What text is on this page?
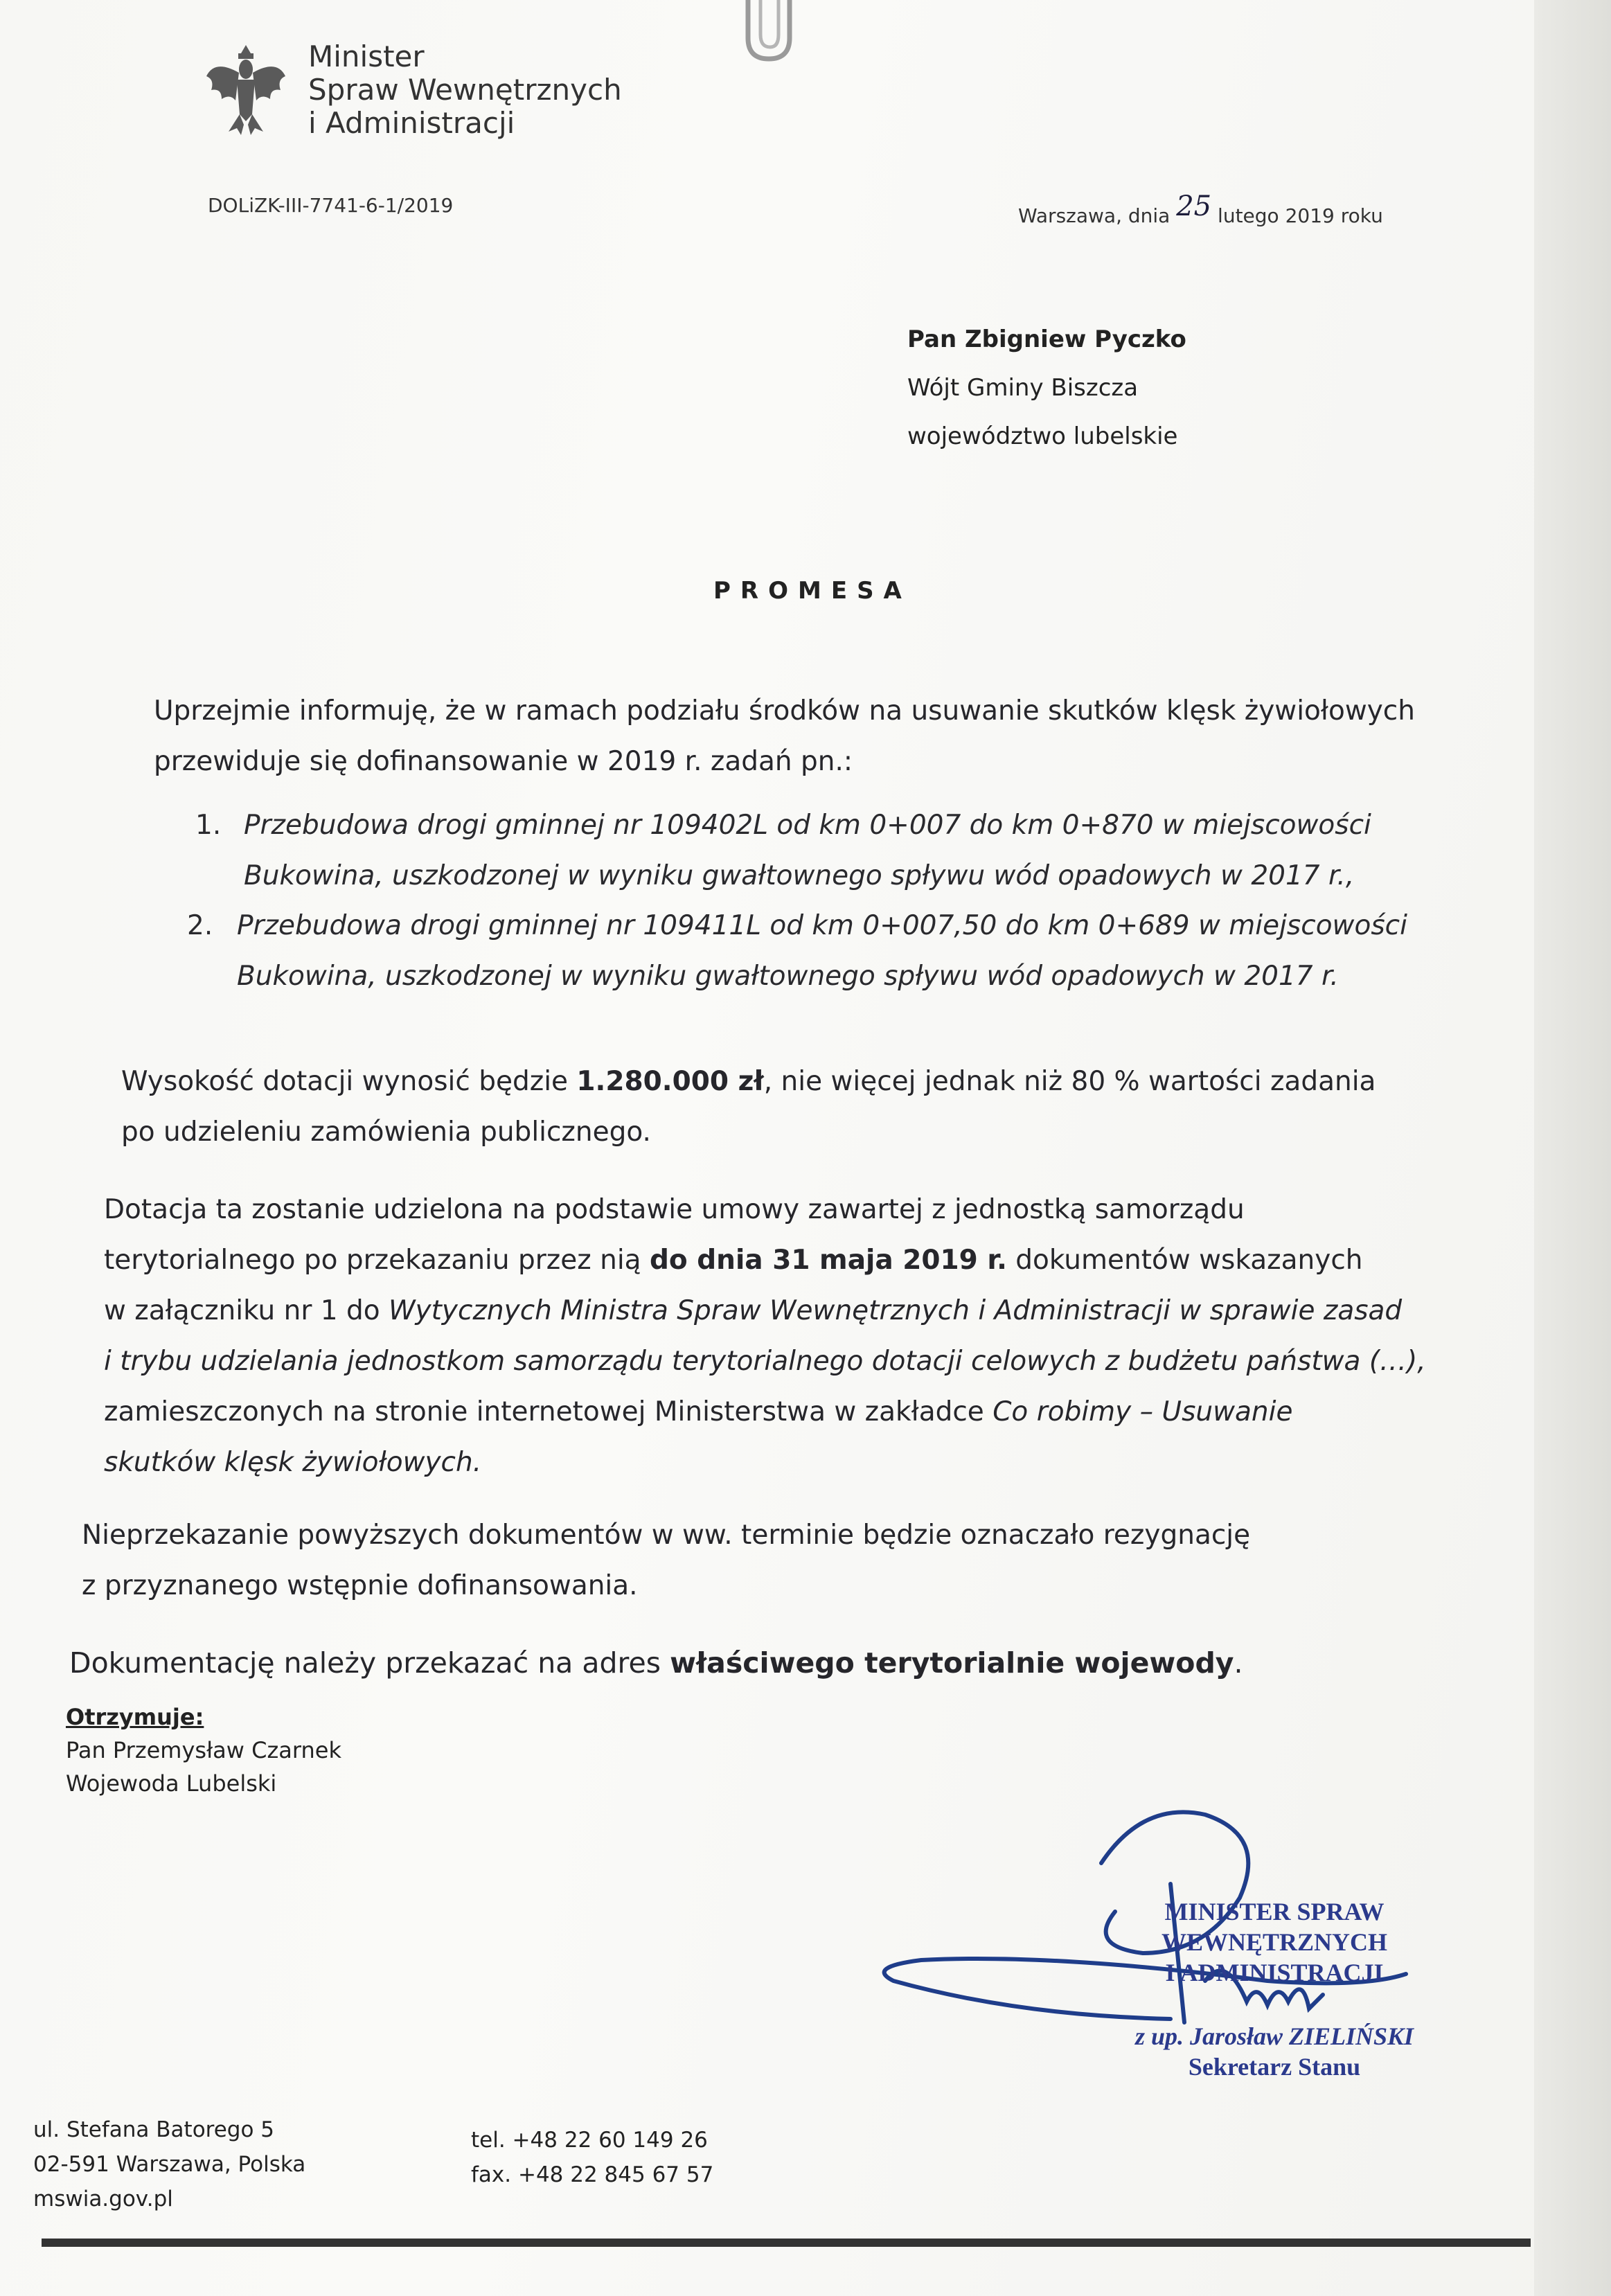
Minister
Spraw Wewnętrznych
i Administracji
DOLiZK-III-7741-6-1/2019	Warszawa, dnia 25 lutego 2019 roku
Pan Zbigniew Pyczko
Wójt Gminy Biszcza
województwo lubelskie
PROMESA
Uprzejmie informuję, że w ramach podziału środków na usuwanie skutków klęsk żywiołowych
przewiduje się dofinansowanie w 2019 r. zadań pn.:
1. Przebudowa drogi gminnej nr 109402L od km 0+007 do km 0+870 w miejscowości
Bukowina, uszkodzonej w wyniku gwałtownego spływu wód opadowych w 2017 r.,
2. Przebudowa drogi gminnej nr 109411L od km 0+007,50 do km 0+689 w miejscowości
Bukowina, uszkodzonej w wyniku gwałtownego spływu wód opadowych w 2017 r.
Wysokość dotacji wynosić będzie 1.280.000 zł, nie więcej jednak niż 80 % wartości zadania
po udzieleniu zamówienia publicznego.
Dotacja ta zostanie udzielona na podstawie umowy zawartej z jednostką samorządu
terytorialnego po przekazaniu przez nią do dnia 31 maja 2019 r. dokumentów wskazanych
w załączniku nr 1 do Wytycznych Ministra Spraw Wewnętrznych i Administracji w sprawie zasad
i trybu udzielania jednostkom samorządu terytorialnego dotacji celowych z budżetu państwa (…),
zamieszczonych na stronie internetowej Ministerstwa w zakładce Co robimy – Usuwanie
skutków klęsk żywiołowych.
Nieprzekazanie powyższych dokumentów w ww. terminie będzie oznaczało rezygnację
z przyznanego wstępnie dofinansowania.
Dokumentację należy przekazać na adres właściwego terytorialnie wojewody.
Otrzymuje:
Pan Przemysław Czarnek
Wojewoda Lubelski
MINISTER SPRAW WEWNĘTRZNYCH
I ADMINISTRACJI
z up. Jarosław ZIELIŃSKI
Sekretarz Stanu
ul. Stefana Batorego 5
02-591 Warszawa, Polska
mswia.gov.pl
tel. +48 22 60 149 26
fax. +48 22 845 67 57
